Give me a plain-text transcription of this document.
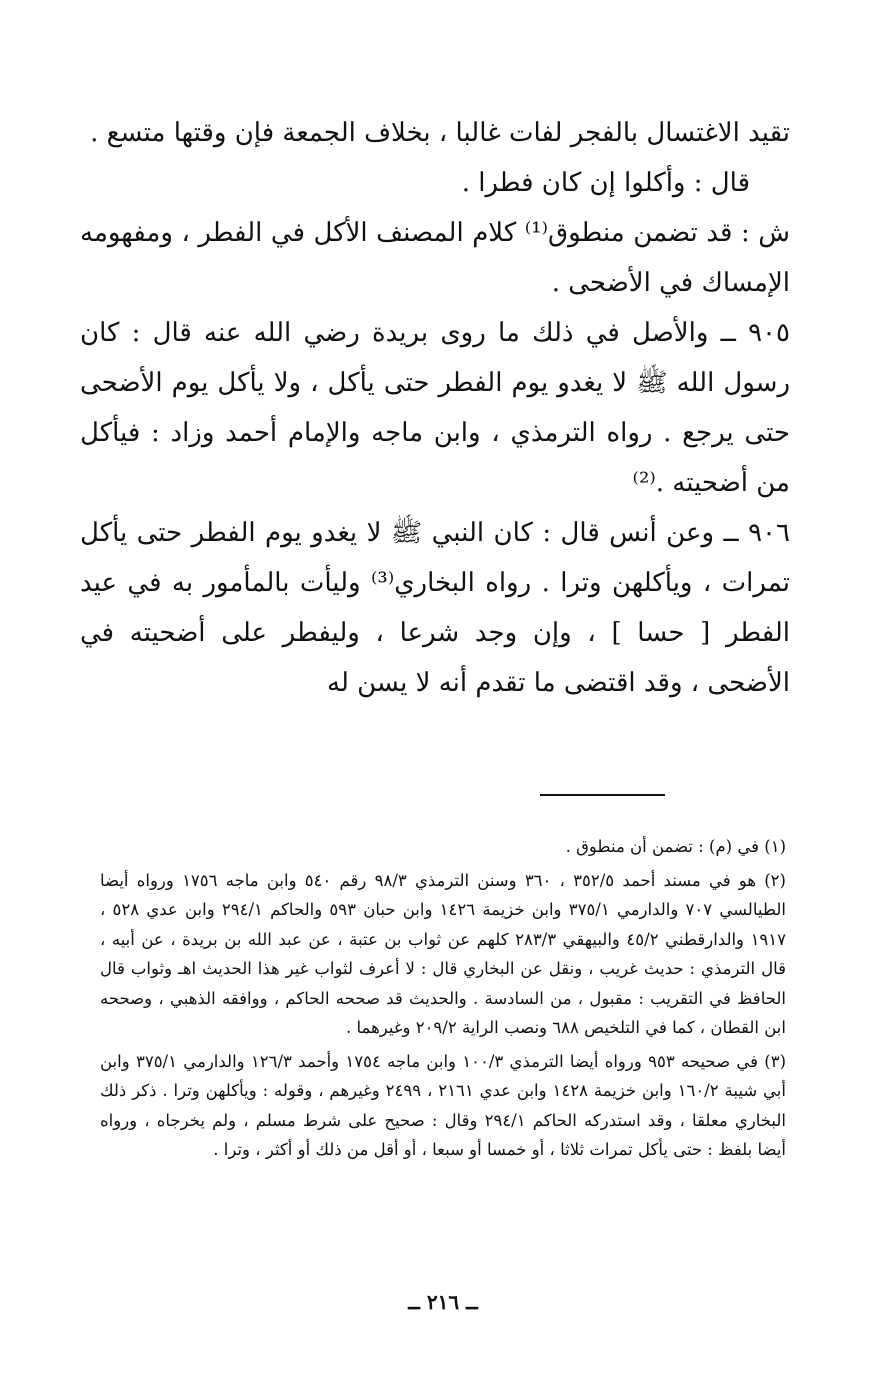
تقيد الاغتسال بالفجر لفات غالبا ، بخلاف الجمعة فإن وقتها متسع .

قال : وأكلوا إن كان فطرا .

ش : قد تضمن منطوق⁽¹⁾ كلام المصنف الأكل في الفطر ، ومفهومه الإمساك في الأضحى .

٩٠٥ ــ والأصل في ذلك ما روى بريدة رضي الله عنه قال : كان رسول الله ﷺ لا يغدو يوم الفطر حتى يأكل ، ولا يأكل يوم الأضحى حتى يرجع . رواه الترمذي ، وابن ماجه والإمام أحمد وزاد : فيأكل من أضحيته .⁽²⁾

٩٠٦ ــ وعن أنس قال : كان النبي ﷺ لا يغدو يوم الفطر حتى يأكل تمرات ، ويأكلهن وترا . رواه البخاري⁽³⁾ وليأت بالمأمور به في عيد الفطر [ حسا ] ، وإن وجد شرعا ، وليفطر على أضحيته في الأضحى ، وقد اقتضى ما تقدم أنه لا يسن له

(١) في (م) : تضمن أن منطوق .

(٢) هو في مسند أحمد ٣٥٢/٥ ، ٣٦٠ وسنن الترمذي ٩٨/٣ رقم ٥٤٠ وابن ماجه ١٧٥٦ ورواه أيضا الطيالسي ٧٠٧ والدارمي ٣٧٥/١ وابن خزيمة ١٤٢٦ وابن حبان ٥٩٣ والحاكم ٢٩٤/١ وابن عدي ٥٢٨ ، ١٩١٧ والدارقطني ٤٥/٢ والبيهقي ٢٨٣/٣ كلهم عن ثواب بن عتبة ، عن عبد الله بن بريدة ، عن أبيه ، قال الترمذي : حديث غريب ، ونقل عن البخاري قال : لا أعرف لثواب غير هذا الحديث اهـ وثواب قال الحافظ في التقريب : مقبول ، من السادسة . والحديث قد صححه الحاكم ، ووافقه الذهبي ، وصححه ابن القطان ، كما في التلخيص ٦٨٨ ونصب الراية ٢٠٩/٢ وغيرهما .

(٣) في صحيحه ٩٥٣ ورواه أيضا الترمذي ١٠٠/٣ وابن ماجه ١٧٥٤ وأحمد ١٢٦/٣ والدارمي ٣٧٥/١ وابن أبي شيبة ١٦٠/٢ وابن خزيمة ١٤٢٨ وابن عدي ٢١٦١ ، ٢٤٩٩ وغيرهم ، وقوله : ويأكلهن وترا . ذكر ذلك البخاري معلقا ، وقد استدركه الحاكم ٢٩٤/١ وقال : صحيح على شرط مسلم ، ولم يخرجاه ، ورواه أيضا بلفظ : حتى يأكل تمرات ثلاثا ، أو خمسا أو سبعا ، أو أقل من ذلك أو أكثر ، وترا .

ــ ٢١٦ ــ
